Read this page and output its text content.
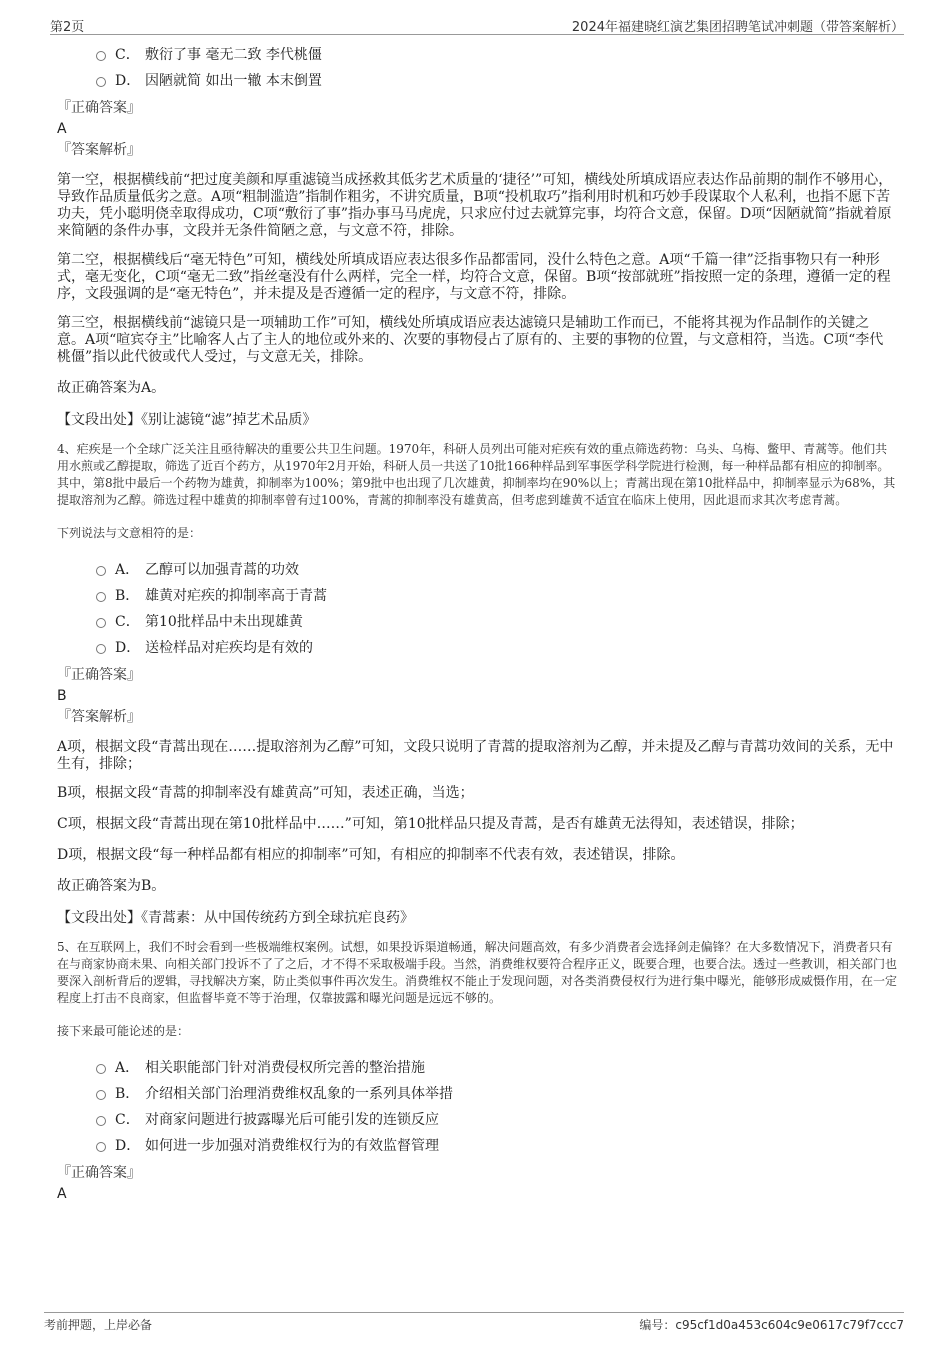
第2页	2024年福建晓红演艺集团招聘笔试冲刺题（带答案解析）
C． 敷衍了事 毫无二致 李代桃僵
D． 因陋就简 如出一辙 本末倒置
『正确答案』
A
『答案解析』

第一空，根据横线前“把过度美颜和厚重滤镜当成拯救其低劣艺术质量的‘捷径’”可知，横线处所填成语应表达作品前期的制作不够用心，导致作品质量低劣之意。A项“粗制滥造”指制作粗劣，不讲究质量，B项“投机取巧”指利用时机和巧妙手段谋取个人私利，也指不愿下苦功夫，凭小聪明侥幸取得成功，C项“敷衍了事”指办事马马虎虎，只求应付过去就算完事，均符合文意，保留。D项“因陋就简”指就着原来简陋的条件办事，文段并无条件简陋之意，与文意不符，排除。

第二空，根据横线后“毫无特色”可知，横线处所填成语应表达很多作品都雷同，没什么特色之意。A项“千篇一律”泛指事物只有一种形式，毫无变化，C项“毫无二致”指丝毫没有什么两样，完全一样，均符合文意，保留。B项“按部就班”指按照一定的条理，遵循一定的程序，文段强调的是“毫无特色”，并未提及是否遵循一定的程序，与文意不符，排除。

第三空，根据横线前“滤镜只是一项辅助工作”可知，横线处所填成语应表达滤镜只是辅助工作而已，不能将其视为作品制作的关键之意。A项“喧宾夺主”比喻客人占了主人的地位或外来的、次要的事物侵占了原有的、主要的事物的位置，与文意相符，当选。C项“李代桃僵”指以此代彼或代人受过，与文意无关，排除。

故正确答案为A。

【文段出处】《别让滤镜“滤”掉艺术品质》

4、疟疾是一个全球广泛关注且亟待解决的重要公共卫生问题。1970年，科研人员列出可能对疟疾有效的重点筛选药物：乌头、乌梅、鳖甲、青蒿等。他们共用水煎或乙醇提取，筛选了近百个药方，从1970年2月开始，科研人员一共送了10批166种样品到军事医学科学院进行检测，每一种样品都有相应的抑制率。其中，第8批中最后一个药物为雄黄，抑制率为100%；第9批中也出现了几次雄黄，抑制率均在90%以上；青蒿出现在第10批样品中，抑制率显示为68%，其提取溶剂为乙醇。筛选过程中雄黄的抑制率曾有过100%，青蒿的抑制率没有雄黄高，但考虑到雄黄不适宜在临床上使用，因此退而求其次考虑青蒿。

下列说法与文意相符的是：

A． 乙醇可以加强青蒿的功效
B． 雄黄对疟疾的抑制率高于青蒿
C． 第10批样品中未出现雄黄
D． 送检样品对疟疾均是有效的
『正确答案』
B
『答案解析』

A项，根据文段“青蒿出现在……提取溶剂为乙醇”可知，文段只说明了青蒿的提取溶剂为乙醇，并未提及乙醇与青蒿功效间的关系，无中生有，排除；

B项，根据文段“青蒿的抑制率没有雄黄高”可知，表述正确，当选；

C项，根据文段“青蒿出现在第10批样品中……”可知，第10批样品只提及青蒿，是否有雄黄无法得知，表述错误，排除；

D项，根据文段“每一种样品都有相应的抑制率”可知，有相应的抑制率不代表有效，表述错误，排除。

故正确答案为B。

【文段出处】《青蒿素：从中国传统药方到全球抗疟良药》

5、在互联网上，我们不时会看到一些极端维权案例。试想，如果投诉渠道畅通，解决问题高效，有多少消费者会选择剑走偏锋？在大多数情况下，消费者只有在与商家协商未果、向相关部门投诉不了了之后，才不得不采取极端手段。当然，消费维权要符合程序正义，既要合理，也要合法。透过一些教训，相关部门也要深入剖析背后的逻辑，寻找解决方案，防止类似事件再次发生。消费维权不能止于发现问题，对各类消费侵权行为进行集中曝光，能够形成威慑作用，在一定程度上打击不良商家，但监督毕竟不等于治理，仅靠披露和曝光问题是远远不够的。

接下来最可能论述的是：

A． 相关职能部门针对消费侵权所完善的整治措施
B． 介绍相关部门治理消费维权乱象的一系列具体举措
C． 对商家问题进行披露曝光后可能引发的连锁反应
D． 如何进一步加强对消费维权行为的有效监督管理
『正确答案』
A
考前押题，上岸必备	编号：c95cf1d0a453c604c9e0617c79f7ccc7
